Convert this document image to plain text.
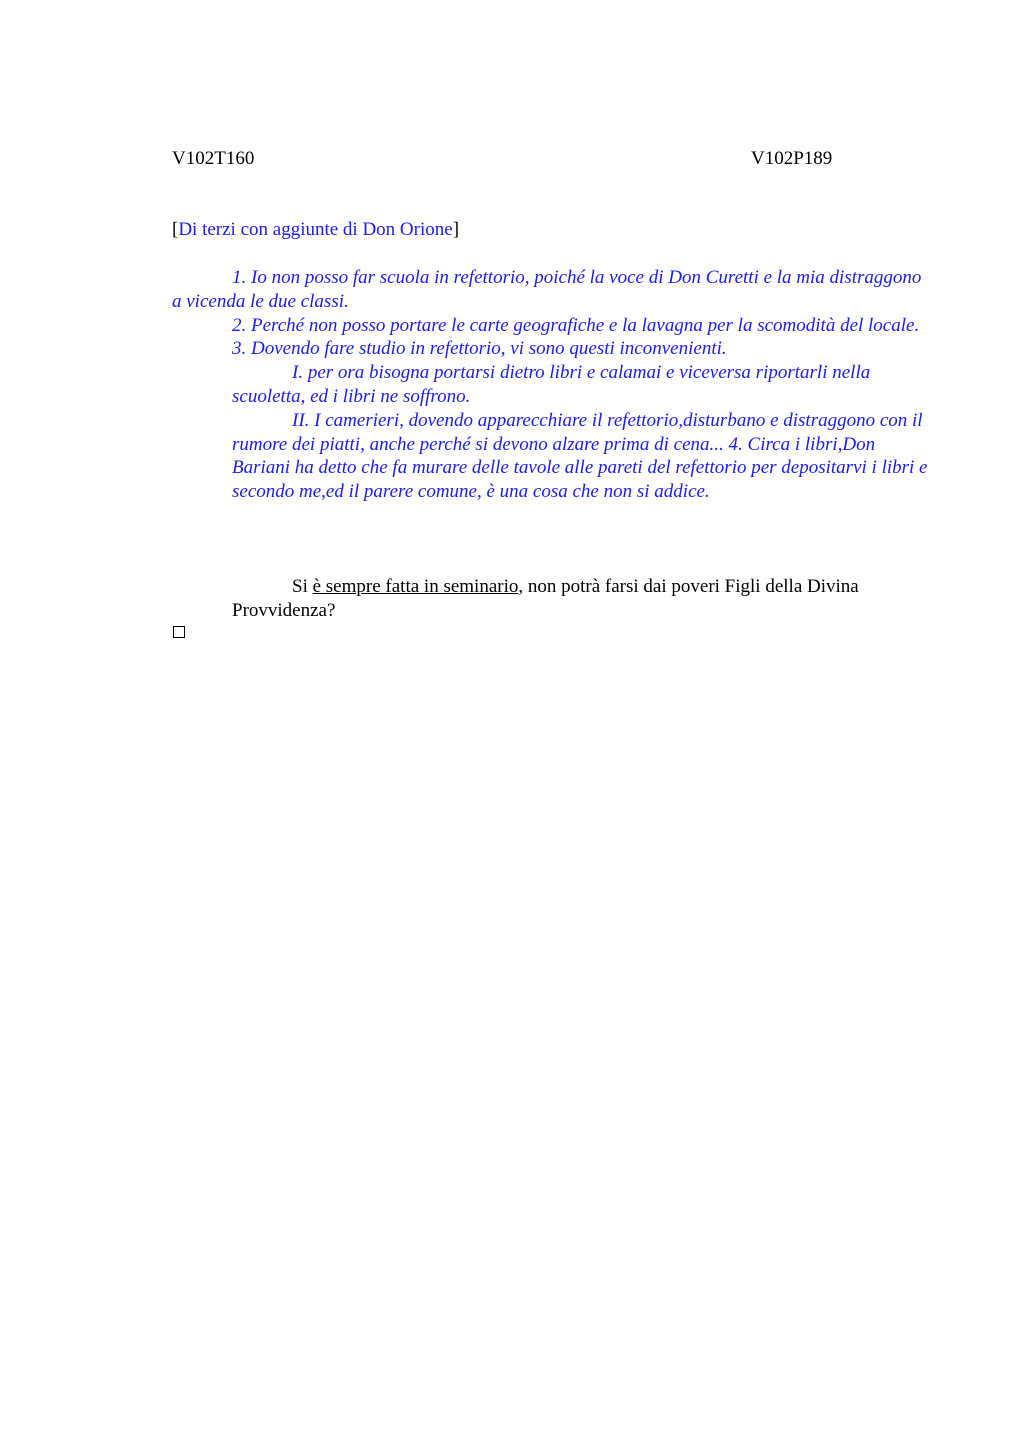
V102T160	V102P189
[Di terzi con aggiunte di Don Orione]

1. Io non posso far scuola in refettorio, poiché la voce di Don Curetti e la mia distraggono a vicenda le due classi.

2. Perché non posso portare le carte geografiche e la lavagna per la scomodità del locale.

3. Dovendo fare studio in refettorio, vi sono questi inconvenienti.

I. per ora bisogna portarsi dietro libri e calamai e viceversa riportarli nella scuoletta, ed i libri ne soffrono.

II. I camerieri, dovendo apparecchiare il refettorio,disturbano e distraggono con il rumore dei piatti, anche perché si devono alzare prima di cena... 4. Circa i libri,Don Bariani ha detto che fa murare delle tavole alle pareti del refettorio per depositarvi i libri e secondo me,ed il parere comune, è una cosa che non si addice.

Si è sempre fatta in seminario, non potrà farsi dai poveri Figli della Divina Provvidenza?
